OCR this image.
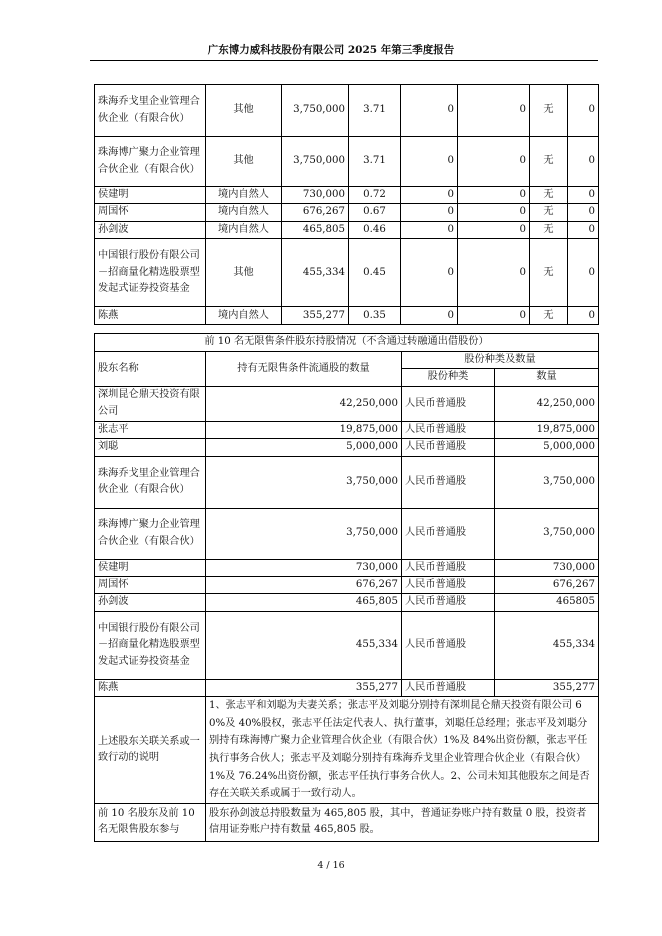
广东博力威科技股份有限公司 2025 年第三季度报告
珠海乔戈里企业管理合伙企业（有限合伙）	其他	3,750,000	3.71	0	0	无	0
珠海博广聚力企业管理合伙企业（有限合伙）	其他	3,750,000	3.71	0	0	无	0
侯建明	境内自然人	730,000	0.72	0	0	无	0
周国怀	境内自然人	676,267	0.67	0	0	无	0
孙剑波	境内自然人	465,805	0.46	0	0	无	0
中国银行股份有限公司－招商量化精选股票型发起式证券投资基金	其他	455,334	0.45	0	0	无	0
陈燕	境内自然人	355,277	0.35	0	0	无	0
前 10 名无限售条件股东持股情况（不含通过转融通出借股份）			
股东名称	持有无限售条件流通股的数量	股份种类及数量	
		股份种类	数量
深圳昆仑鼎天投资有限公司	42,250,000	人民币普通股	42,250,000
张志平	19,875,000	人民币普通股	19,875,000
刘聪	5,000,000	人民币普通股	5,000,000
珠海乔戈里企业管理合伙企业（有限合伙）	3,750,000	人民币普通股	3,750,000
珠海博广聚力企业管理合伙企业（有限合伙）	3,750,000	人民币普通股	3,750,000
侯建明	730,000	人民币普通股	730,000
周国怀	676,267	人民币普通股	676,267
孙剑波	465,805	人民币普通股	465805
中国银行股份有限公司－招商量化精选股票型发起式证券投资基金	455,334	人民币普通股	455,334
陈燕	355,277	人民币普通股	355,277
上述股东关联关系或一致行动的说明	1、张志平和刘聪为夫妻关系；张志平及刘聪分别持有深圳昆仑鼎天投资有限公司 60%及 40%股权，张志平任法定代表人、执行董事，刘聪任总经理；张志平及刘聪分别持有珠海博广聚力企业管理合伙企业（有限合伙）1%及 84%出资份额，张志平任执行事务合伙人；张志平及刘聪分别持有珠海乔戈里企业管理合伙企业（有限合伙）1%及 76.24%出资份额，张志平任执行事务合伙人。2、公司未知其他股东之间是否存在关联关系或属于一致行动人。		
前 10 名股东及前 10 名无限售股东参与	股东孙剑波总持股数量为 465,805 股，其中，普通证券账户持有数量 0 股，投资者信用证券账户持有数量 465,805 股。		
4 / 16
